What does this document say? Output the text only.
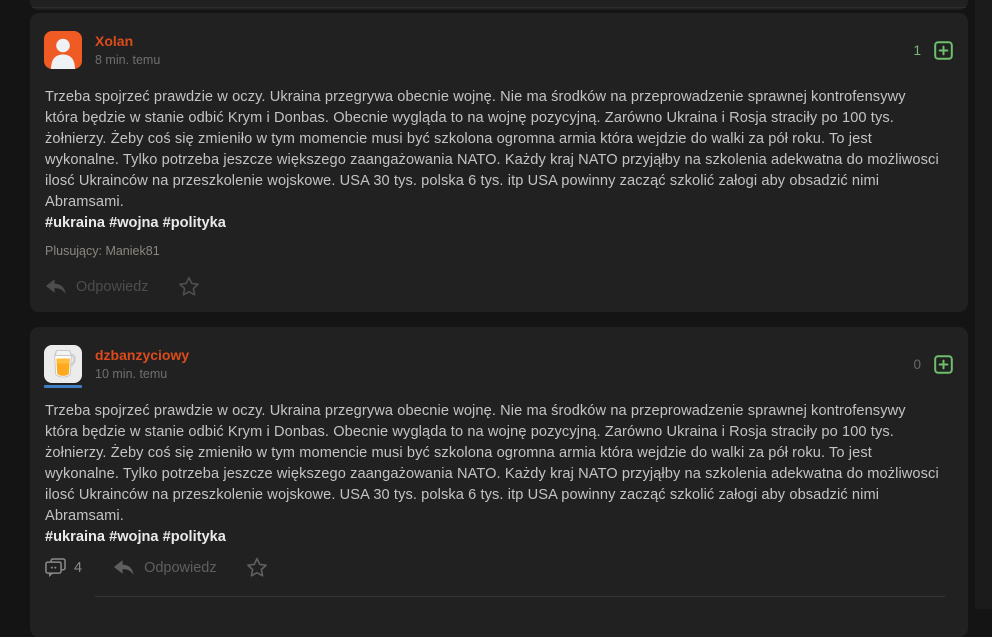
Xolan
8 min. temu
1
Trzeba spojrzeć prawdzie w oczy. Ukraina przegrywa obecnie wojnę. Nie ma środków na przeprowadzenie sprawnej kontrofensywy
która będzie w stanie odbić Krym i Donbas. Obecnie wygląda to na wojnę pozycyjną. Zarówno Ukraina i Rosja straciły po 100 tys.
żołnierzy. Żeby coś się zmieniło w tym momencie musi być szkolona ogromna armia która wejdzie do walki za pół roku. To jest
wykonalne. Tylko potrzeba jeszcze większego zaangażowania NATO. Każdy kraj NATO przyjąłby na szkolenia adekwatna do możliwosci
ilosć Ukrainców na przeszkolenie wojskowe. USA 30 tys. polska 6 tys. itp USA powinny zacząć szkolić załogi aby obsadzić nimi
Abramsami.
#ukraina #wojna #polityka
Plusujący: Maniek81
Odpowiedz
dzbanzyciowy
10 min. temu
0
Trzeba spojrzeć prawdzie w oczy. Ukraina przegrywa obecnie wojnę. Nie ma środków na przeprowadzenie sprawnej kontrofensywy
która będzie w stanie odbić Krym i Donbas. Obecnie wygląda to na wojnę pozycyjną. Zarówno Ukraina i Rosja straciły po 100 tys.
żołnierzy. Żeby coś się zmieniło w tym momencie musi być szkolona ogromna armia która wejdzie do walki za pół roku. To jest
wykonalne. Tylko potrzeba jeszcze większego zaangażowania NATO. Każdy kraj NATO przyjąłby na szkolenia adekwatna do możliwosci
ilosć Ukrainców na przeszkolenie wojskowe. USA 30 tys. polska 6 tys. itp USA powinny zacząć szkolić załogi aby obsadzić nimi
Abramsami.
#ukraina #wojna #polityka
4	Odpowiedz
